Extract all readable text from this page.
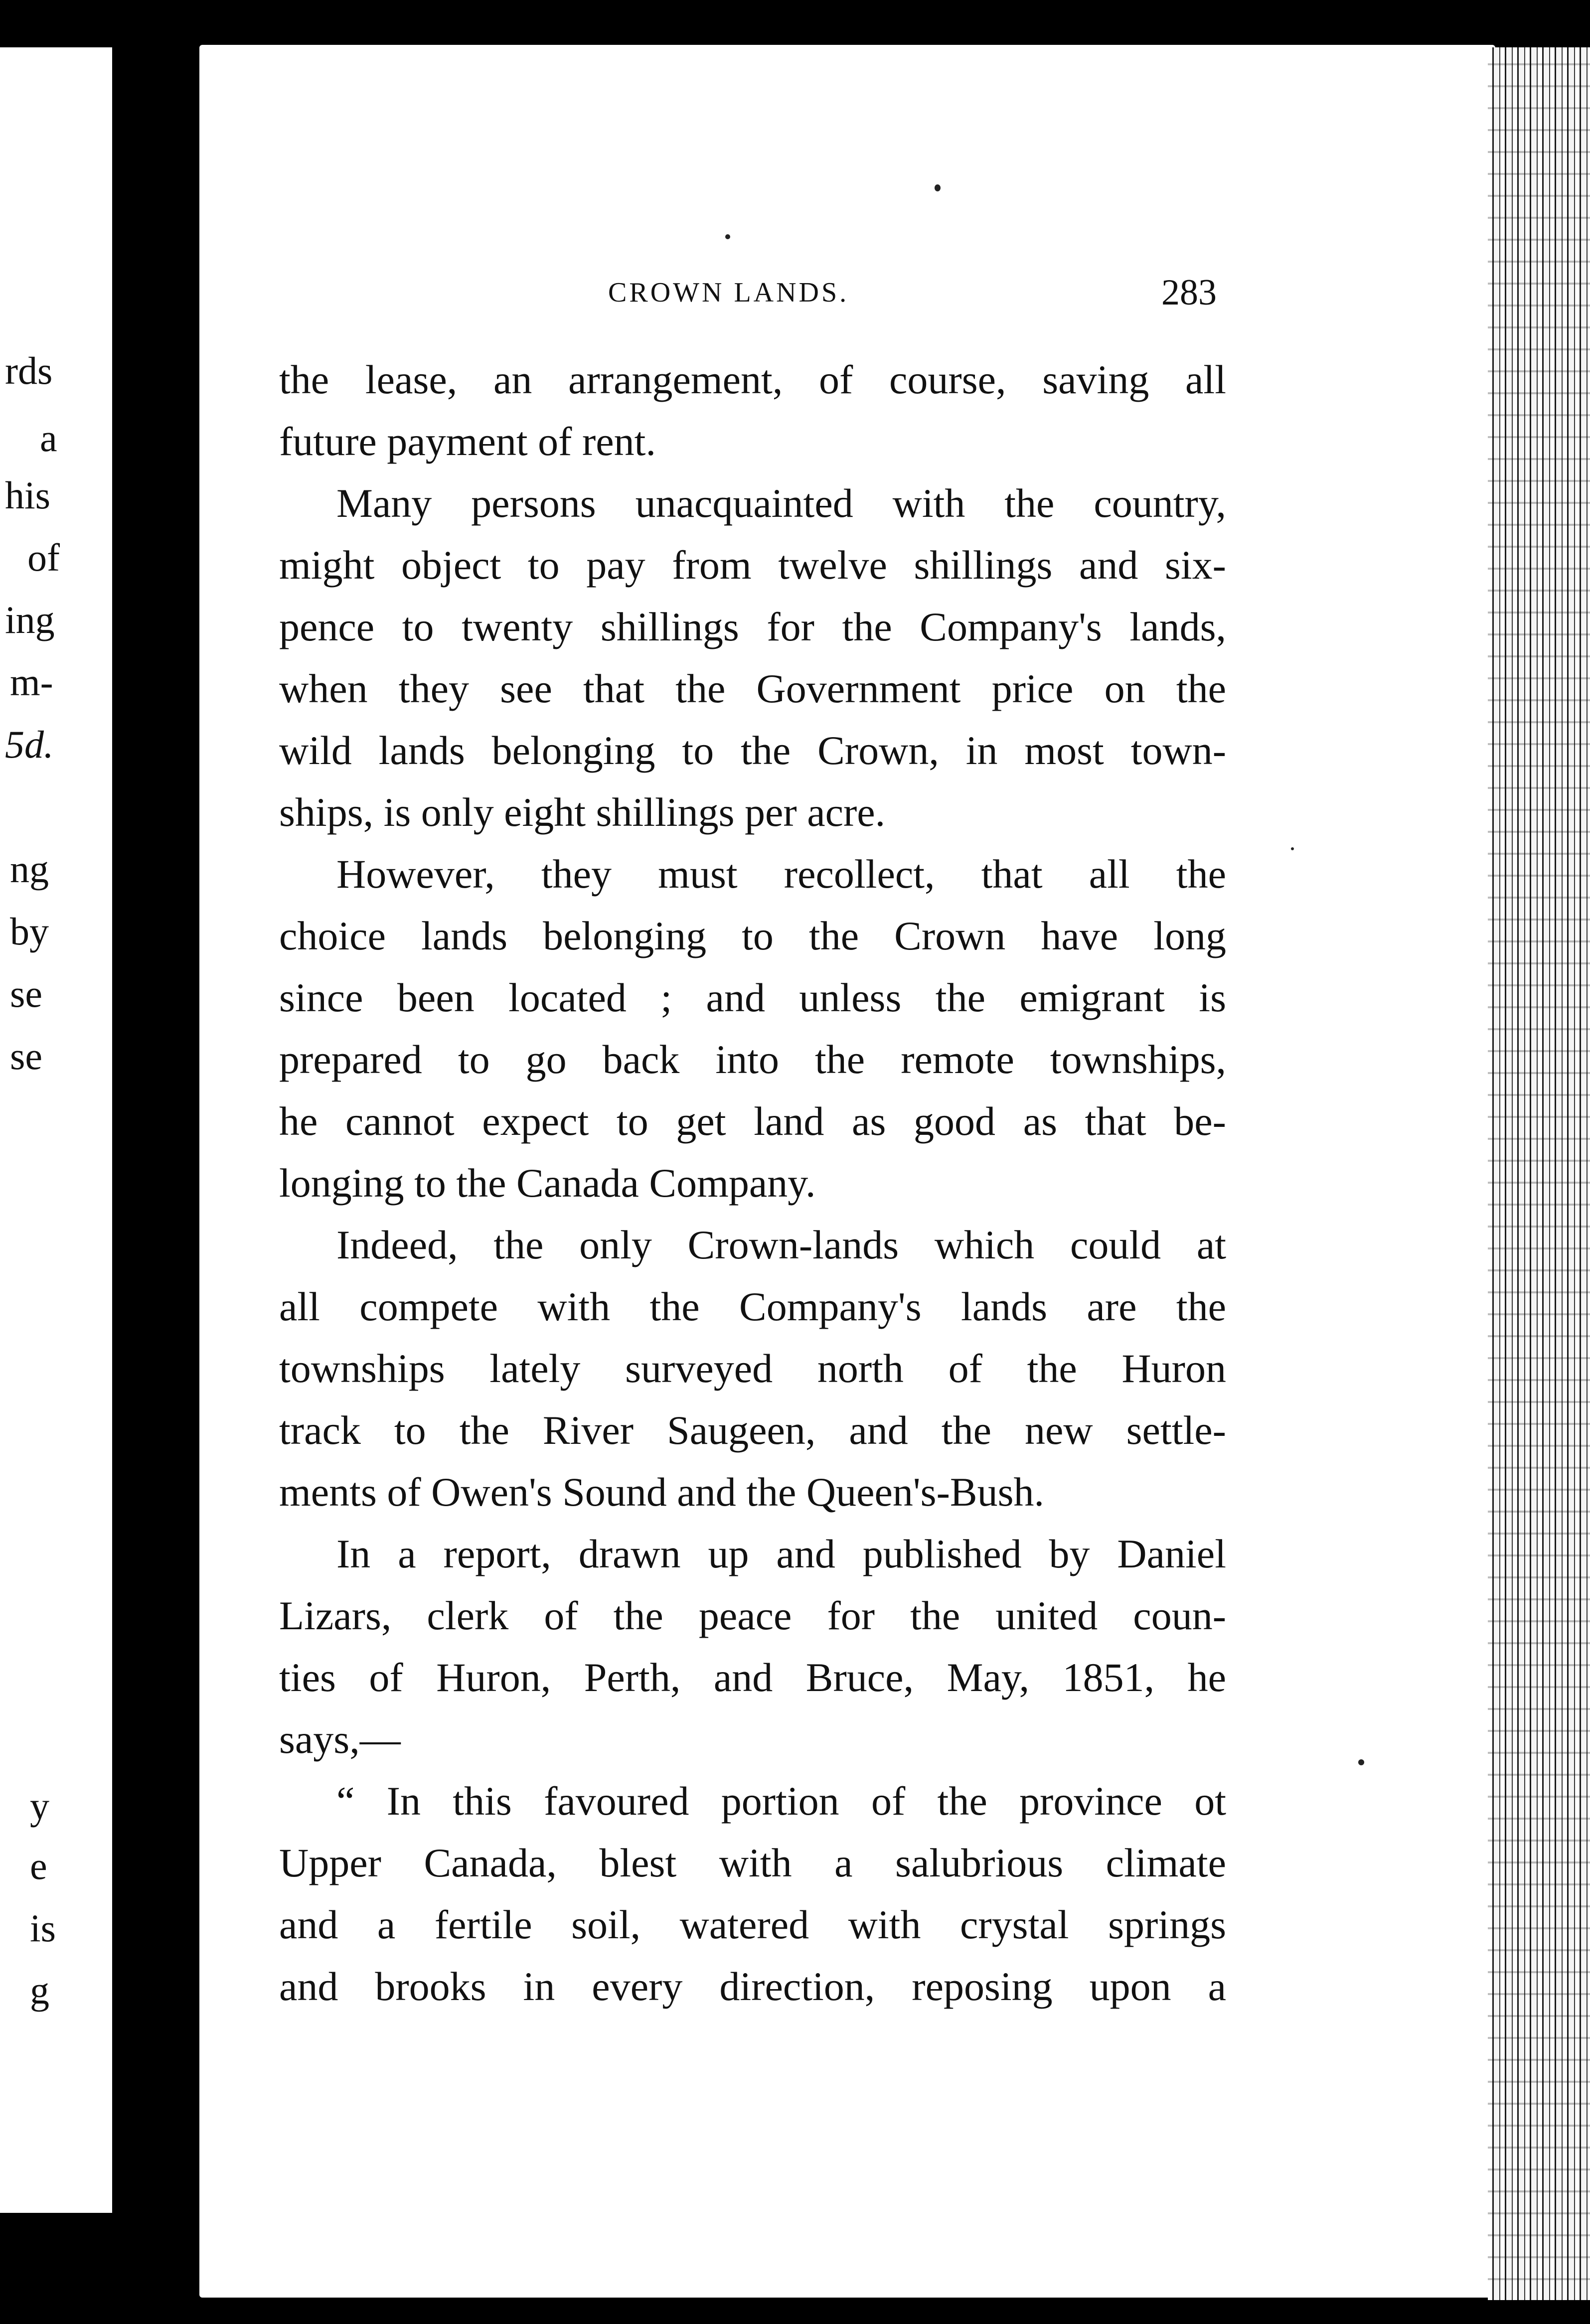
rds
a
his
of
ing
m-
5d.
ng
by
se
se
y
e
is
g
CROWN LANDS.	283
the lease, an arrangement, of course, saving all
future payment of rent.
Many persons unacquainted with the country,
might object to pay from twelve shillings and six-
pence to twenty shillings for the Company's lands,
when they see that the Government price on the
wild lands belonging to the Crown, in most town-
ships, is only eight shillings per acre.
However, they must recollect, that all the
choice lands belonging to the Crown have long
since been located ; and unless the emigrant is
prepared to go back into the remote townships,
he cannot expect to get land as good as that be-
longing to the Canada Company.
Indeed, the only Crown-lands which could at
all compete with the Company's lands are the
townships lately surveyed north of the Huron
track to the River Saugeen, and the new settle-
ments of Owen's Sound and the Queen's-Bush.
In a report, drawn up and published by Daniel
Lizars, clerk of the peace for the united coun-
ties of Huron, Perth, and Bruce, May, 1851, he
says,—
“ In this favoured portion of the province ot
Upper Canada, blest with a salubrious climate
and a fertile soil, watered with crystal springs
and brooks in every direction, reposing upon a
